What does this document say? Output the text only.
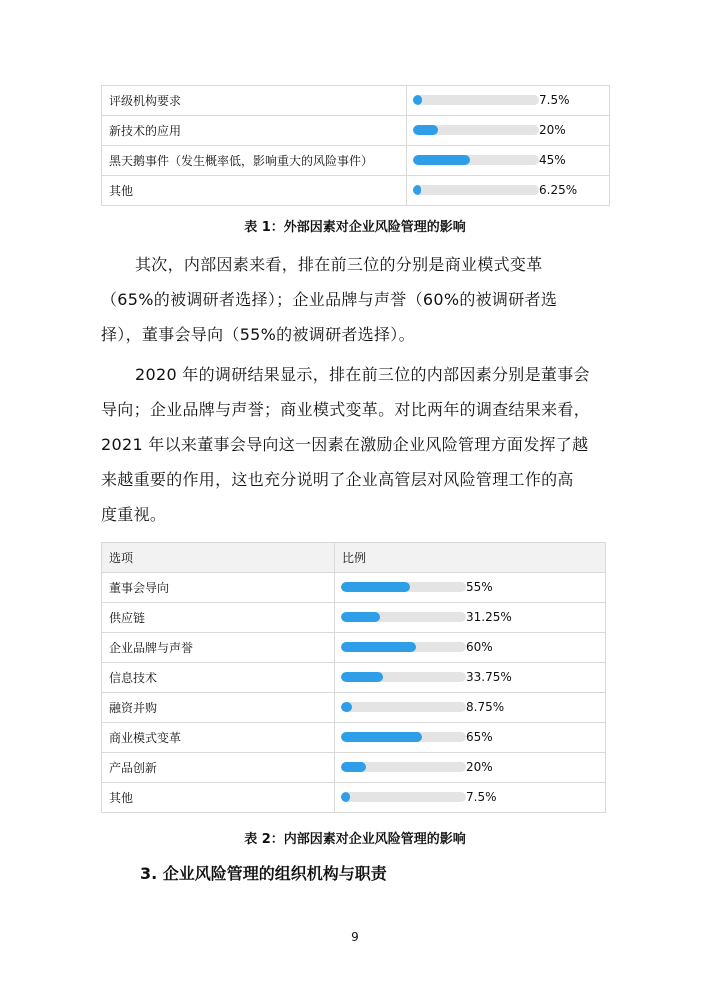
评级机构要求	7.5%

新技术的应用	20%

黑天鹅事件（发生概率低，影响重大的风险事件）	45%

其他	6.25%
表 1：外部因素对企业风险管理的影响

其次，内部因素来看，排在前三位的分别是商业模式变革

（65%的被调研者选择）；企业品牌与声誉（60%的被调研者选

择），董事会导向（55%的被调研者选择）。

2020 年的调研结果显示，排在前三位的内部因素分别是董事会

导向；企业品牌与声誉；商业模式变革。对比两年的调查结果来看，

2021 年以来董事会导向这一因素在激励企业风险管理方面发挥了越

来越重要的作用，这也充分说明了企业高管层对风险管理工作的高

度重视。

选项	比例
董事会导向	55%

供应链	31.25%

企业品牌与声誉	60%

信息技术	33.75%

融资并购	8.75%

商业模式变革	65%

产品创新	20%

其他	7.5%
表 2：内部因素对企业风险管理的影响
3. 企业风险管理的组织机构与职责
9
